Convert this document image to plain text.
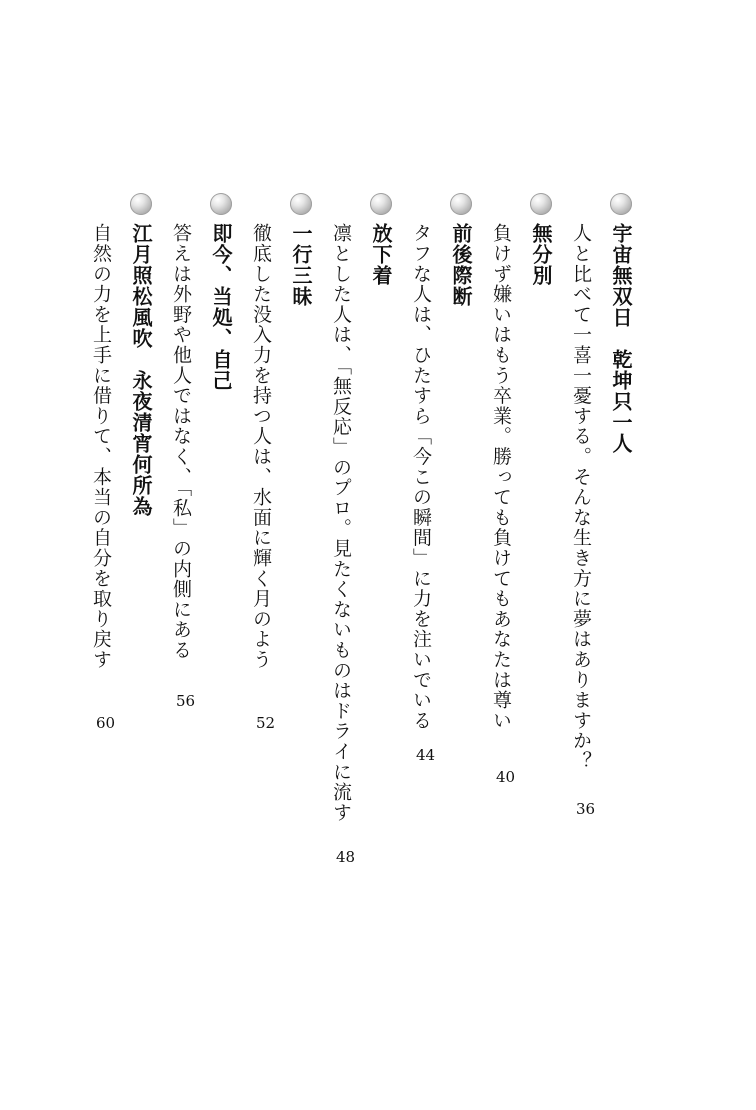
宇宙無双日　乾坤只一人
人と比べて一喜一憂する。そんな生き方に夢はありますか？
36
無分別
負けず嫌いはもう卒業。勝っても負けてもあなたは尊い
40
前後際断
タフな人は、ひたすら「今この瞬間」に力を注いでいる
44
放下着
凛とした人は、「無反応」のプロ。見たくないものはドライに流す
48
一行三昧
徹底した没入力を持つ人は、水面に輝く月のよう
52
即今、当処、自己
答えは外野や他人ではなく、「私」の内側にある
56
江月照松風吹　永夜清宵何所為
自然の力を上手に借りて、本当の自分を取り戻す
60
